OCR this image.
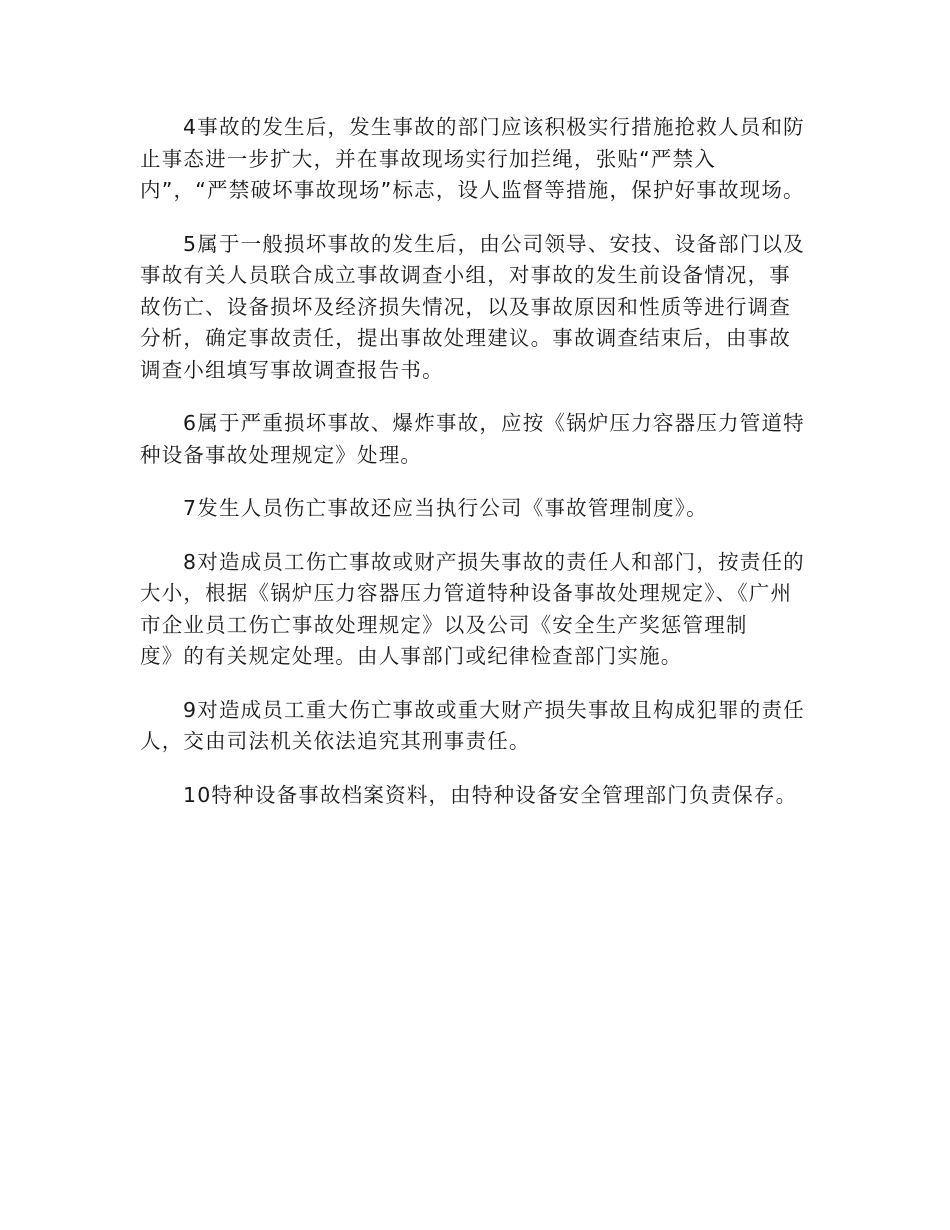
4事故的发生后，发生事故的部门应该积极实行措施抢救人员和防止事态进一步扩大，并在事故现场实行加拦绳，张贴“严禁入
内”，“严禁破坏事故现场”标志，设人监督等措施，保护好事故现场。

5属于一般损坏事故的发生后，由公司领导、安技、设备部门以及事故有关人员联合成立事故调查小组，对事故的发生前设备情况，事故伤亡、设备损坏及经济损失情况，以及事故原因和性质等进行调查分析，确定事故责任，提出事故处理建议。事故调查结束后，由事故调查小组填写事故调查报告书。

6属于严重损坏事故、爆炸事故，应按《锅炉压力容器压力管道特种设备事故处理规定》处理。

7发生人员伤亡事故还应当执行公司《事故管理制度》。

8对造成员工伤亡事故或财产损失事故的责任人和部门，按责任的大小，根据《锅炉压力容器压力管道特种设备事故处理规定》、《广州市企业员工伤亡事故处理规定》以及公司《安全生产奖惩管理制
度》的有关规定处理。由人事部门或纪律检查部门实施。

9对造成员工重大伤亡事故或重大财产损失事故且构成犯罪的责任人，交由司法机关依法追究其刑事责任。

10特种设备事故档案资料，由特种设备安全管理部门负责保存。
